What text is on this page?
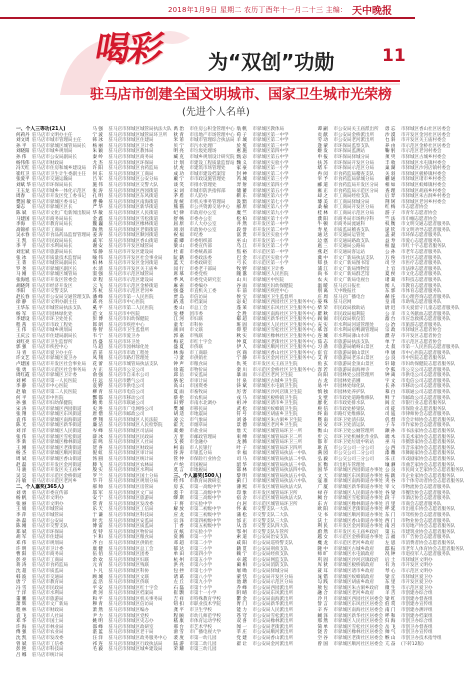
2018年1月9日 星期二 农历丁酉年十一月二十三 主编： 天中晚报
喝彩 为“双创”功勋	11
驻马店市创建全国文明城市、国家卫生城市光荣榜
(先进个人名单)
一、个人三等功(21人)
何莉丹 驻马店市文明办主任
刘文周 驻马店市城市管理局主任
孙 平	驻马店市驿城区城管局局长
刘晓阳 驻马店市城乡规划局
孙 伟	驻马店市公安局副局长
杨伟伟 驻马店市财政局
冯天红 驻马店市住房和城乡建设局
崔红卫 驻马店市卫生计生委副主任
张爱平 驻马店市交通运输局
刘斌 华 驻马店市环保局局长
王玉龙 驻马店市城乡一体化示范区
周春	驻马店市开发区党工委书记
樊国 敏 驻马店市驿城区委书记
秦志	驻马店市驿城区区长
陈 斌	驻马店市文化广电新闻出版局
马建国 驻马店市商务局局长
李海	驻马店市教育局局长
高锦祥 驻马店市工商局
吴永春 驻马店市食品药品监督管理局
王 凯	驻马店市民政局局长
李 平	驻马店市水利局局长
刘宏斌 驻马店市旅游局局长
张 冰	驻马店市质量技术监督局
王 菁	驻马店市城管局副局长
罗 尧	驻马店市驿城区副区长
马 刚	驻马店市驿城区城管局
张海旭 驻马店市开发区管委会
胡晓剑 驻马店市经济开发区
李阳	驻马店市交警支队
赵长春 驻马店市公安局交通管理支队
徐 静	驻马店市文明办副主任
王华东 驻马店市城管局执法支队
杨 军	驻马店市园林绿化处
李建设 驻马店市环卫处处长
程 茜	驻马店市市政工程处
王 伟	驻马店市城乡规划局
王庆云 驻马店市住建局副局长
刘红亮 驻马店市卫生监督所
郭 强	驻马店市疾控中心
马 青	驻马店市爱卫办主任
许文艺 驻马店市驿城区爱卫办
卢建国 驻马店市开发区社会事业局
张 勇	驻马店市示范区社会事务局
周红霞 驻马店市驿城区卫计委
刘 彬	驻马店市第一人民医院
李 静	驻马店市中心医院
赵 敏	驻马店市第二人民医院
何 平	驻马店市中医院
孙 强	驻马店市妇幼保健院
宋 涛	驻马店市驿城区西园街道
张 翔	驻马店市驿城区东风街道
袁 伟	驻马店市驿城区南海街道
陈 光	驻马店市驿城区新华街道
刘 洋	驻马店市驿城区人民街道
张 伟	驻马店市驿城区雪松街道
李 新	驻马店市驿城区橡林街道
王 刚	驻马店市驿城区老街街道
杨 杰	驻马店市驿城区顺河街道
周 斌	驻马店市驿城区香山街道
赵 磊	驻马店市开发区金河街道
马 骏	驻马店市开发区关王庙乡
吴 昊	驻马店市示范区金桥街道
冯 敏	驻马店市示范区老河乡
二、个人嘉奖(365人)
刘 勇	驻马店市委宣传部
杨 帆	驻马店市文明办
张 丽	驻马店市文明办
王 娟	驻马店市城管局
李 萍	驻马店市城管局
孙 磊	驻马店市公安局
陈 刚	驻马店市交警支队
郑 斌	驻马店市环保局
胡 军	驻马店市住建局
邓 伟	驻马店市规划局
许 明	驻马店市卫计委
曹 阳	驻马店市商务局
彭 亮	驻马店市工商局
蒋 涛	驻马店市食药监局
沈 超	驻马店市质监局
韩 波	驻马店市交通局
唐 宁	驻马店市教育局
冯 雪	驻马店市民政局
于 洋	驻马店市水利局
董 鹏	驻马店市旅游局
萧 辉	驻马店市文广新局
程 林	驻马店市财政局
袁 飞	驻马店市人社局
邓 华	驻马店市国土局
许 海	驻马店市林业局
傅 强	驻马店市农业局
沈 凯	驻马店市发改委
曾 斌	驻马店市工信委
彭 艳	驻马店市科技局
吕 娜	驻马店市统计局
马 强	驻马店市驿城区城管局执法大队
宁 波	驻马店市驿城区城管局环卫所
韩 冰	驻马店市驿城区住建局
杨 丽	驻马店市驿城区卫计委
朱 颖	驻马店市驿城区教体局
秦 岭	驻马店市驿城区商务局
尤 杰	驻马店市驿城区环保局
许 阳	驻马店市驿城区食药监局
何 东	驻马店市驿城区工商局
吕 军	驻马店市驿城区公安分局
施 伟	驻马店市驿城区交警大队
张 涛	驻马店市驿城区西园街道
孔 明	驻马店市驿城区东风街道
曹 操	驻马店市驿城区南海街道
严 华	驻马店市驿城区新华街道
华 敏	驻马店市驿城区人民街道
金 鑫	驻马店市驿城区雪松街道
魏 巍	驻马店市驿城区橡林街道
陶 然	驻马店市驿城区老街街道
姜 涛	驻马店市驿城区顺河街道
戚 军	驻马店市驿城区香山街道
谢 安	驻马店市开发区城管局
邹 静	驻马店市开发区建设局
喻 伟	驻马店市开发区社会事业局
柏 林	驻马店市开发区金河街道
水 清	驻马店市开发区关王庙乡
窦 强	驻马店市示范区城管局
章 程	驻马店市示范区建设局
云 飞	驻马店市示范区金桥街道
苏 杭	驻马店市示范区老河乡
潘 峰	驻马店市第一人民医院
葛 亮	驻马店市中心医院
奚 平	驻马店市第二人民医院
范 文	驻马店市中医院
彭 博	驻马店市妇幼保健院
郎 朗	驻马店市疾控中心
鲁 智	驻马店市卫生监督所
韦 宁	驻马店市爱卫办
昌 盛	驻马店市环卫处
马 超	驻马店市园林绿化处
苗 苗	驻马店市市政工程处
凤 翔	驻马店市路灯管理处
花 蕾	驻马店市城管局执法支队
方 正	驻马店市公交公司
俞 强	驻马店市自来水公司
任 远	驻马店市燃气公司
袁 野	驻马店市供电公司
柳 青	驻马店市电信公司
酆 都	驻马店市移动公司
鲍 勇	驻马店市联通公司
史 进	驻马店市广电网络公司
唐 僧	驻马店市邮政公司
费 翔	驻马店市驿城区人民法院
廉 洁	驻马店市驿城区人民检察院
岑 峰	驻马店市驿城区司法局
薛 冰	驻马店市驿城区民政局
雷 鸣	驻马店市驿城区人社局
贺 喜	驻马店市驿城区财政局
倪 虹	驻马店市驿城区审计局
汤 圆	驻马店市驿城区统计局
滕 飞	驻马店市驿城区农林局
殷 实	驻马店市驿城区水利局
罗 兰	驻马店市驿城区国土分局
毕 升	驻马店市驿城区规划分局
郝 帅	驻马店市驿城区房管局
邬 军	驻马店市驿城区文广局
安 宁	驻马店市驿城区旅游局
常 青	驻马店市驿城区发改委
乐 天	驻马店市驿城区工信局
于 谦	驻马店市驿城区科技局
时 光	驻马店市驿城区安监局
傅 雷	驻马店市驿城区质监局
皮 特	驻马店市驿城区物价局
卞 和	驻马店市驿城区粮食局
齐 白	驻马店市驿城区供销社
康 健	驻马店市驿城区总工会
伍 佰	驻马店市驿城区团委
余 欢	驻马店市驿城区妇联
元 宵	驻马店市驿城区残联
卜 凡	驻马店市驿城区科协
顾 城	驻马店市驿城区文联
孟 浩	驻马店市驿城区侨联
平 安	驻马店市驿城区红十字会
黄 河	驻马店市驿城区档案局
和 平	驻马店市驿城区机关事务局
穆 青	驻马店市驿城区信访局
萧 然	驻马店市驿城区编办
尹 力	驻马店市驿城区党校
姚 明	驻马店市驿城区史志办
邵 峰	驻马店市驿城区政研室
湛 蓝	驻马店市驿城区老干局
汪 洋	驻马店市驿城区政务服务中心
祁 连	驻马店市驿城区行政执法局
毛 毅	驻马店市驿城区城乡建设局
禹 治	市住房公积金管理中心
狄 青	市房地产市场管理中心
米 芾	市城市管理综合执法局
贝 宁	市污水处理厂
明 亮	市垃圾处理场
臧 克	市城乡规划设计研究院
计 划	市建设工程质量监督站
伏 虎	市建筑市场管理处
成 功	市城市建设档案馆
戴 宁	市市政设施管理处
谈 笑	市排水管理处
宋 词	市城市防洪指挥部
茅 盾	市人防办
庞 统	市机关事务管理局
熊 猫	市公共资源交易中心
纪 律	市政府办公室
舒 畅	市委办公室
屈 原	市人大办公室
项 羽	市政协办公室
祝 福	市纪委
董 卿	市委组织部
梁 山	市委宣传部
杜 甫	市委统战部
阮 籍	市委政法委
蓝 天	市委政研室
闵 行	市委老干部局
席 慕	市委党校
季 风	市委党史研究室
麻 雀	市委编办
强 盛	市直机关工委
贾 岛	市信访局
路 遥	市档案局
娄 山	市总工会
危 楼	团市委
江 河	市妇联
童 年	市科协
颜 回	市文联
郭 嘉	市残联
梅 花	市红十字会
盛 夏	市侨联
林 海	市工商联
刁 蛮	市供销社
钟 声	市粮食局
徐 霞	市物价局
邱 岳	市安监局
骆 驼	市审计局
高 山	市国资委
夏 雨	市畜牧局
蔡 伦	市农机局
田 野	市南水北调办
樊 城	市移民局
胡 适	市地震局
凌 云	市气象局
霍 光	市烟草局
虞 姬	市盐业局
万 里	市邮政管理局
支 援	市金融办
柯 南	市人民银行
昝 涛	市银监分局
管 仲	市保险行业协会
卢 纶	市国税局
莫 言	市地税局
三、个人嘉奖(500人)
经 纬	市教育局教研室
房 玄	市第一高级中学
裘 千	市第二高级中学
缪 斯	市第三高级中学
干 将	市实验中学
解 放	市第二初级中学
应 龙	市第三初级中学
宗 泽	市第四初级中学
丁 香	市第五初级中学
宣 纸	市实验小学
贲 腾	市第一小学
邓 超	市第二小学
郁 达	市第三小学
单 田	市第四小学
杭 州	市第五小学
洪 亮	市第六小学
包 拯	市第七小学
诸 葛	市第八小学
左 丘	市第九小学
石 磊	市第十小学
崔 颢	市第十一小学
吉 祥	市特殊教育学校
钮 扣	市职业技术学院
龚 平	市卫生学校
程 颐	市幼儿师范学校
嵇 康	市体育运动学校
邢 台	市艺术学校
滑 雪	市广播电视大学
裴 度	市第一幼儿园
陆 游	市第二幼儿园
荣 耀	市第三幼儿园
翁 帆	市驿城区教体局
荀 子	市驿城区第一中学
羊 城	市驿城区第二中学
於 菟	市驿城区第三中学
惠 施	市驿城区第四中学
甄 宓	市驿城区第五中学
麴 义	市驿城区实验小学
家 豪	市驿城区第一小学
封 神	市驿城区第二小学
芮 城	市驿城区第三小学
羿 射	市驿城区第四小学
储 蓄	市驿城区第五小学
靳 东	市驿城区第六小学
汲 黯	市驿城区第七小学
邴 原	市驿城区第八小学
糜 竺	市驿城区第九小学
松 柏	市驿城区第十小学
井 然	市开发区第一中学
段 誉	市开发区第二中学
富 贵	市开发区实验小学
巫 山	市开发区第一小学
乌 江	市开发区第二小学
焦 裕	市示范区第一中学
巴 金	市示范区实验小学
弓 长	市示范区第一小学
牧 野	市驿城区卫计委
隗 嚣	市驿城区人民医院
山 川	市驿城区中医院
谷 雨	市驿城区妇幼保健院
车 前	市驿城区疾控中心
侯 宝	市驿城区卫生监督所
宓 妃	市驿城区西园社区卫生服务中心
蓬 莱	市驿城区东风社区卫生服务中心
全 胜	市驿城区南海社区卫生服务中心
郗 超	市驿城区新华社区卫生服务中心
班 固	市驿城区人民社区卫生服务中心
仰 望	市驿城区雪松社区卫生服务中心
秋 实	市驿城区橡林社区卫生服务中心
仲 夏	市驿城区老街社区卫生服务中心
伊 人	市驿城区顺河社区卫生服务中心
宫 商	市驿城区香山社区卫生服务中心
宁 静	市开发区金河社区卫生服务中心
仇 英	市开发区关王庙卫生院
栾 川	市示范区金桥社区卫生服务中心
暴 雨	市示范区老河卫生院
甘 泉	市驿城区古城乡卫生院
钭 斌	市驿城区水屯镇卫生院
厉 害	市驿城区沙河店镇卫生院
戎 马	市驿城区板桥镇卫生院
祖 冲	市驿城区诸市乡卫生院
武 松	市驿城区蚁蜂镇卫生院
符 号	市驿城区胡庙乡卫生院
刘 备	市驿城区朱古洞乡卫生院
景 德	市驿城区老河乡卫生院
詹 天	市驿城区城管局环卫一所
束 缚	市驿城区城管局环卫二所
龙 腾	市驿城区城管局环卫三所
叶 子	市驿城区城管局环卫四所
幸 福	市驿城区城管局执法一中队
司 马	市驿城区城管局执法二中队
韶 华	市驿城区城管局执法三中队
郜 林	市驿城区城管局执法四中队
黎 明	市驿城区城管局执法五中队
蓟 门	市驿城区城管局执法六中队
薄 熙	市开发区城管局执法大队
印 象	市开发区城管局环卫所
宿 舍	市示范区城管局执法大队
白 居	市示范区城管局环卫所
怀 素	市交警支队一大队
蒲 松	市交警支队二大队
邰 正	市交警支队三大队
从 容	市交警支队四大队
鄂 州	市交警支队车管所
索 道	市公安局治安支队
咸 阳	市公安局巡特警支队
籍 贯	市公安局刑侦支队
赖 宁	市公安局经侦支队
卓 越	市公安局网监支队
蔺 相	市公安局消防支队
屠 呦	市公安局驿城分局
蒙 恬	市公安局开发区分局
池 塘	市公安局示范区分局
乔 峰	市公安局西园派出所
阴 晴	市公安局东风派出所
鬱 金	市公安局南海派出所
胥 门	市公安局新华派出所
能 力	市公安局人民派出所
苍 穹	市公安局雪松派出所
双 喜	市公安局橡林派出所
闻 一	市公安局老街派出所
莘 庄	市公安局顺河派出所
党 建	市公安局香山派出所
翟 让	市公安局金河派出所
谭 嗣	市公安局关王庙派出所
贡 献	市公安局金桥派出所
劳 动	市公安局老河派出所
逄 蒙	市环保局监察支队
姬 发	市环保局监测站
申 报	市环保局驿城分局
扶 苏	市环保局开发区分局
堵 车	市环保局示范区分局
冉 闵	市食药监局稽查支队
宰 予	市食药监局驿城分局
郦 道	市食药监局开发区分局
雍 正	市食药监局示范区分局
却 之	市工商局经检支队
璩 美	市工商局驿城分局
桑 榆	市工商局开发区分局
桂 林	市工商局示范区分局
濮 阳	市商务局市场秩序科
牛 顿	市商务局流通科
寿 星	市质监局稽查支队
通 达	市交通局运管处
边 塞	市交通局路政支队
扈 三	市交通局公路局
燕 赵	市交通局客运站
冀 中	市文广新局执法支队
郏 县	市文广新局图书馆
浦 江	市文广新局博物馆
尚 书	市文广新局群艺馆
农 夫	市文广新局电视台
温 暖	驻马店日报社
别 离	天中晚报社
庄 周	驻马店广播电台
晏 殊	驻马店网
柴 荣	市民政局救助站
瞿 秋	市民政局福利院
阎 锡	市民政局殡仪馆
充 实	市水利局河道管理处
慕 容	市水利局宿鸭湖管理局
连 城	市水利局薄山水库
茹 志	市旅游局执法支队
习 凿	市旅游局嵖岈山景区
宦 官	市旅游局铜山景区
艾 青	市旅游局老乐山景区
鱼 玄	市旅游局金顶山景区
容 若	市旅游局南海禅寺
向 阳	市园林处公园管理所
古 龙	市园林处苗圃
易 中	市园林处绿化队
慎 独	市园林处养护队
戈 壁	市市政处道路维修队
廖 化	市市政处排水队
庾 信	市市政处桥梁队
终 南	市路灯处维修队
暨 南	市环卫处清扫队
居 安	市环卫处清运队
衡 山	市环卫处公厕管理所
步 云	市环卫处机械化作业队
都 市	市环卫处垃圾中转站
耿 直	市公交公司一分公司
满 园	市公交公司二分公司
弘 毅	市公交公司三分公司
匡 衡	市出租车管理处
国 华	市驿城区西园街道办事处
文 天	市驿城区东风街道办事处
寇 准	市驿城区南海街道办事处
广 厦	市驿城区新华街道办事处
禄 存	市驿城区人民街道办事处
阙 台	市驿城区雪松街道办事处
东 方	市驿城区橡林街道办事处
欧 阳	市驿城区老街街道办事处
殳 书	市驿城区顺河街道办事处
沃 土	市驿城区香山街道办事处
利 民	市开发区金河街道办事处
蔚 然	市开发区关王庙乡政府
越 女	市示范区金桥街道办事处
夔 龙	市示范区老河乡政府
隆 中	市驿城区古城乡政府
师 旷	市驿城区水屯镇政府
巩 固	市驿城区沙河店镇政府
厍 狄	市驿城区板桥镇政府
聂 耳	市驿城区诸市乡政府
晁 错	市驿城区蚁蜂镇政府
勾 践	市驿城区胡庙乡政府
敖 包	市驿城区朱古洞乡政府
融 合	市驿城区老河乡政府
冷 月	市驿城区西园社区居委会
訾 言	市驿城区东风社区居委会
辛 弃	市驿城区南海社区居委会
阚 泽	市驿城区新华社区居委会
那 然	市驿城区人民社区居委会
简 单	市驿城区雪松社区居委会
饶 舌	市驿城区橡林社区居委会
空 谷	市驿城区老街社区居委会
曾 国	市驿城区顺河社区居委会
毋 忘	市驿城区香山社区居委会
沙 漠	市开发区金河社区居委会
乜 斜	市开发区关王庙村委会
养 由	市示范区金桥社区居委会
鞠 躬	市示范区老河村委会
须 臾	市驿城区古城乡村委会
丰 收	市驿城区水屯镇村委会
巢 湖	市驿城区沙河店镇村委会
关 羽	市驿城区板桥镇村委会
蒯 通	市驿城区诸市乡村委会
相 如	市驿城区蚁蜂镇村委会
查 理	市驿城区胡庙乡村委会
后 羿	市驿城区朱古洞乡村委会
荆 轲	市驿城区老河乡村委会
红 梅	市志愿者协会
游 子	市青年志愿者协会
竺 法	市巾帼志愿者协会
权 衡	市文明交通志愿者服务队
逯 钦	市文明劝导志愿者服务队
盖 聂	市环保志愿者服务队
益 寿	市爱心志愿者服务队
桓 温	市红十字志愿者服务队
公 孙	市老年志愿者服务队
万 俟	市社区志愿者服务队
司 空	市医疗志愿者服务队
上 官	市法律志愿者服务队
夏 侯	市文化志愿者服务队
诸 葛	市科技志愿者服务队
闻 人	市教育志愿者服务队
东 郭	市体育志愿者服务队
赫 连	市心理咨询志愿者服务队
皇 甫	市助残志愿者服务队
尉 迟	市关爱留守儿童志愿者服务队
公 羊	市义务献血志愿者服务队
澹 台	市应急救援志愿者服务队
公 冶	市旅游志愿者服务队
宗 政	市驿城区志愿者协会
濮 存	市开发区志愿者协会
单 于	市示范区志愿者协会
太 叔	市第一人民医院志愿者服务队
申 屠	市中心医院志愿者服务队
公 良	市中医院志愿者服务队
轩 辕	市妇幼保健院志愿者服务队
令 狐	市公交公司志愿者服务队
钟 离	市供电公司志愿者服务队
宇 文	市电信公司志愿者服务队
长 孙	市移动公司志愿者服务队
慕 白	市联通公司志愿者服务队
鲜 于	市邮政公司志愿者服务队
闾 丘	市银行业志愿者服务队
司 徒	市保险业志愿者服务队
司 寇	市律师协会志愿者服务队
仉 督	市会计师协会志愿者服务队
子 车	市作家协会志愿者服务队
颛 孙	市书法家协会志愿者服务队
端 木	市美术家协会志愿者服务队
巫 马	市摄影家协会志愿者服务队
公 西	市音乐家协会志愿者服务队
漆 雕	市舞蹈家协会志愿者服务队
乐 正	市戏剧家协会志愿者服务队
壤 驷	市曲艺家协会志愿者服务队
公 良	市民间文艺家协会志愿者服务队
拓 跋	市企业家协会志愿者服务队
夹 谷	市个体劳动者协会志愿者服务队
宰 父	市物流协会志愿者服务队
谷 梁	市餐饮协会志愿者服务队
段 干	市酒店协会志愿者服务队
百 里	市商会志愿者服务队
呼 延	市出租车协会志愿者服务队
东 门	市驾校协会志愿者服务队
西 门	市物业协会志愿者服务队
南 宫	市房地产协会志愿者服务队
第 五	市建筑业协会志愿者服务队
言 福	市广告协会志愿者服务队
左 思	市消费者协会志愿者服务队
邸 报	市老年人体育协会志愿者服务队
况 钟	市退役军人志愿者服务队
后 土	市驿城区文明办
有 为	市开发区文明办
琴 心	市示范区文明办
梁 丘	市驿城区爱卫办
东 里	市开发区爱卫办
微 生	市示范区爱卫办
羊 舌	市创建办综合组
梁 红	市创建办督查组
伯 赏	市创建办宣传组
南 门	市创建办测评组
呼 和	市创建办档案组
归 海	市创卫办综合组
岳 飞	市创卫办督查组
帅 气	市创卫办宣传组
缑 山	市创卫办技术指导组
亢 奋	(下转12版)
